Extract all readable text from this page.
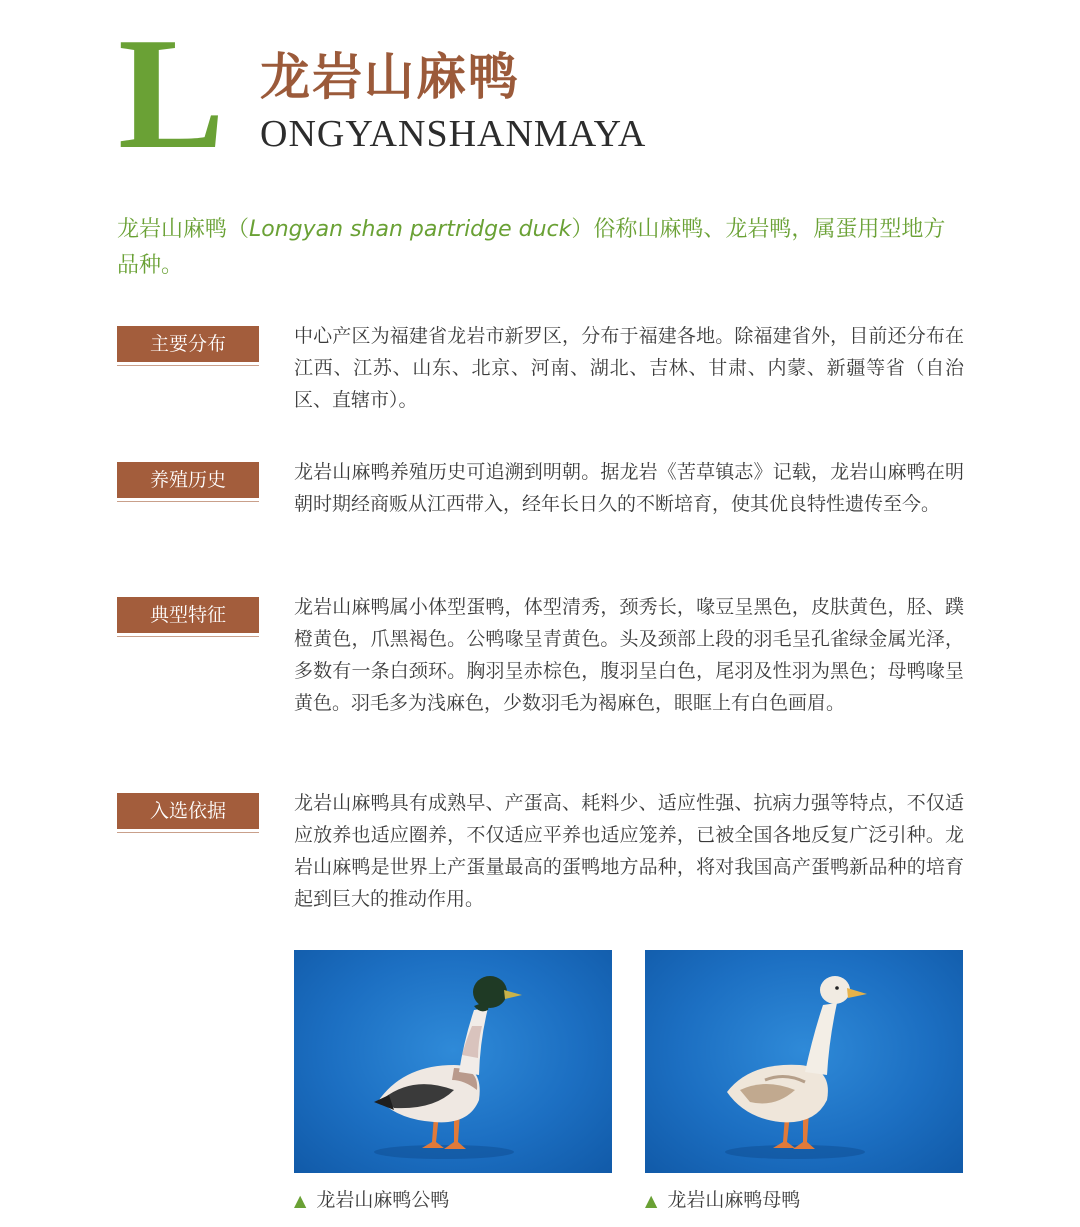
L 龙岩山麻鸭
ONGYANSHANMAYA
龙岩山麻鸭（Longyan shan partridge duck）俗称山麻鸭、龙岩鸭，属蛋用型地方品种。
主要分布	中心产区为福建省龙岩市新罗区，分布于福建各地。除福建省外，目前还分布在江西、江苏、山东、北京、河南、湖北、吉林、甘肃、内蒙、新疆等省（自治区、直辖市）。
养殖历史	龙岩山麻鸭养殖历史可追溯到明朝。据龙岩《苦草镇志》记载，龙岩山麻鸭在明朝时期经商贩从江西带入，经年长日久的不断培育，使其优良特性遗传至今。
典型特征	龙岩山麻鸭属小体型蛋鸭，体型清秀，颈秀长，喙豆呈黑色，皮肤黄色，胫、蹼橙黄色，爪黑褐色。公鸭喙呈青黄色。头及颈部上段的羽毛呈孔雀绿金属光泽，多数有一条白颈环。胸羽呈赤棕色，腹羽呈白色，尾羽及性羽为黑色；母鸭喙呈黄色。羽毛多为浅麻色，少数羽毛为褐麻色，眼眶上有白色画眉。
入选依据	龙岩山麻鸭具有成熟早、产蛋高、耗料少、适应性强、抗病力强等特点，不仅适应放养也适应圈养，不仅适应平养也适应笼养，已被全国各地反复广泛引种。龙岩山麻鸭是世界上产蛋量最高的蛋鸭地方品种，将对我国高产蛋鸭新品种的培育起到巨大的推动作用。
▲ 龙岩山麻鸭公鸭	▲ 龙岩山麻鸭母鸭
